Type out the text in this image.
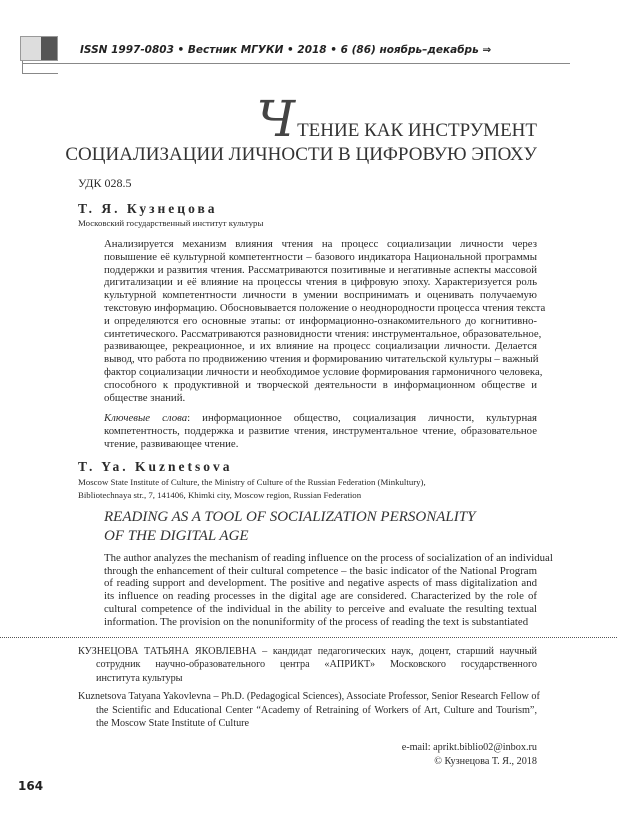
ISSN 1997-0803 • Вестник МГУКИ • 2018 • 6 (86) ноябрь–декабрь ⇒
Ч ТЕНИЕ КАК ИНСТРУМЕНТ
СОЦИАЛИЗАЦИИ ЛИЧНОСТИ В ЦИФРОВУЮ ЭПОХУ
УДК 028.5
Т. Я. Кузнецова
Московский государственный институт культуры
Анализируется механизм влияния чтения на процесс социализации личности через
повышение её культурной компетентности – базового индикатора Национальной программы
поддержки и развития чтения. Рассматриваются позитивные и негативные аспекты массовой
дигитализации и её влияние на процессы чтения в цифровую эпоху. Характеризуется роль
культурной компетентности личности в умении воспринимать и оценивать получаемую
текстовую информацию. Обосновывается положение о неоднородности процесса чтения текста
и определяются его основные этапы: от информационно-ознакомительного до когнитивно-
синтетического. Рассматриваются разновидности чтения: инструментальное, образовательное,
развивающее, рекреационное, и их влияние на процесс социализации личности. Делается
вывод, что работа по продвижению чтения и формированию читательской культуры – важный
фактор социализации личности и необходимое условие формирования гармоничного человека,
способного к продуктивной и творческой деятельности в информационном обществе и
обществе знаний.
Ключевые слова: информационное общество, социализация личности, культурная
компетентность, поддержка и развитие чтения, инструментальное чтение, образовательное
чтение, развивающее чтение.
T. Ya. Kuznetsova
Moscow State Institute of Culture, the Ministry of Culture of the Russian Federation (Minkultury),
Bibliotechnaya str., 7, 141406, Khimki city, Moscow region, Russian Federation
READING AS A TOOL OF SOCIALIZATION PERSONALITY
OF THE DIGITAL AGE
The author analyzes the mechanism of reading influence on the process of socialization of an individual
through the enhancement of their cultural competence – the basic indicator of the National Program
of reading support and development. The positive and negative aspects of mass digitalization and
its influence on reading processes in the digital age are considered. Characterized by the role of
cultural competence of the individual in the ability to perceive and evaluate the resulting textual
information. The provision on the nonuniformity of the process of reading the text is substantiated
КУЗНЕЦОВА ТАТЬЯНА ЯКОВЛЕВНА – кандидат педагогических наук, доцент, старший научный
сотрудник научно-образовательного центра «АПРИКТ» Московского государственного
института культуры
Kuznetsova Tatyana Yakovlevna – Ph.D. (Pedagogical Sciences), Associate Professor, Senior Research Fellow of
the Scientific and Educational Center “Academy of Retraining of Workers of Art, Culture and Tourism”,
the Moscow State Institute of Culture
e-mail: aprikt.biblio02@inbox.ru
© Кузнецова Т. Я., 2018
164
